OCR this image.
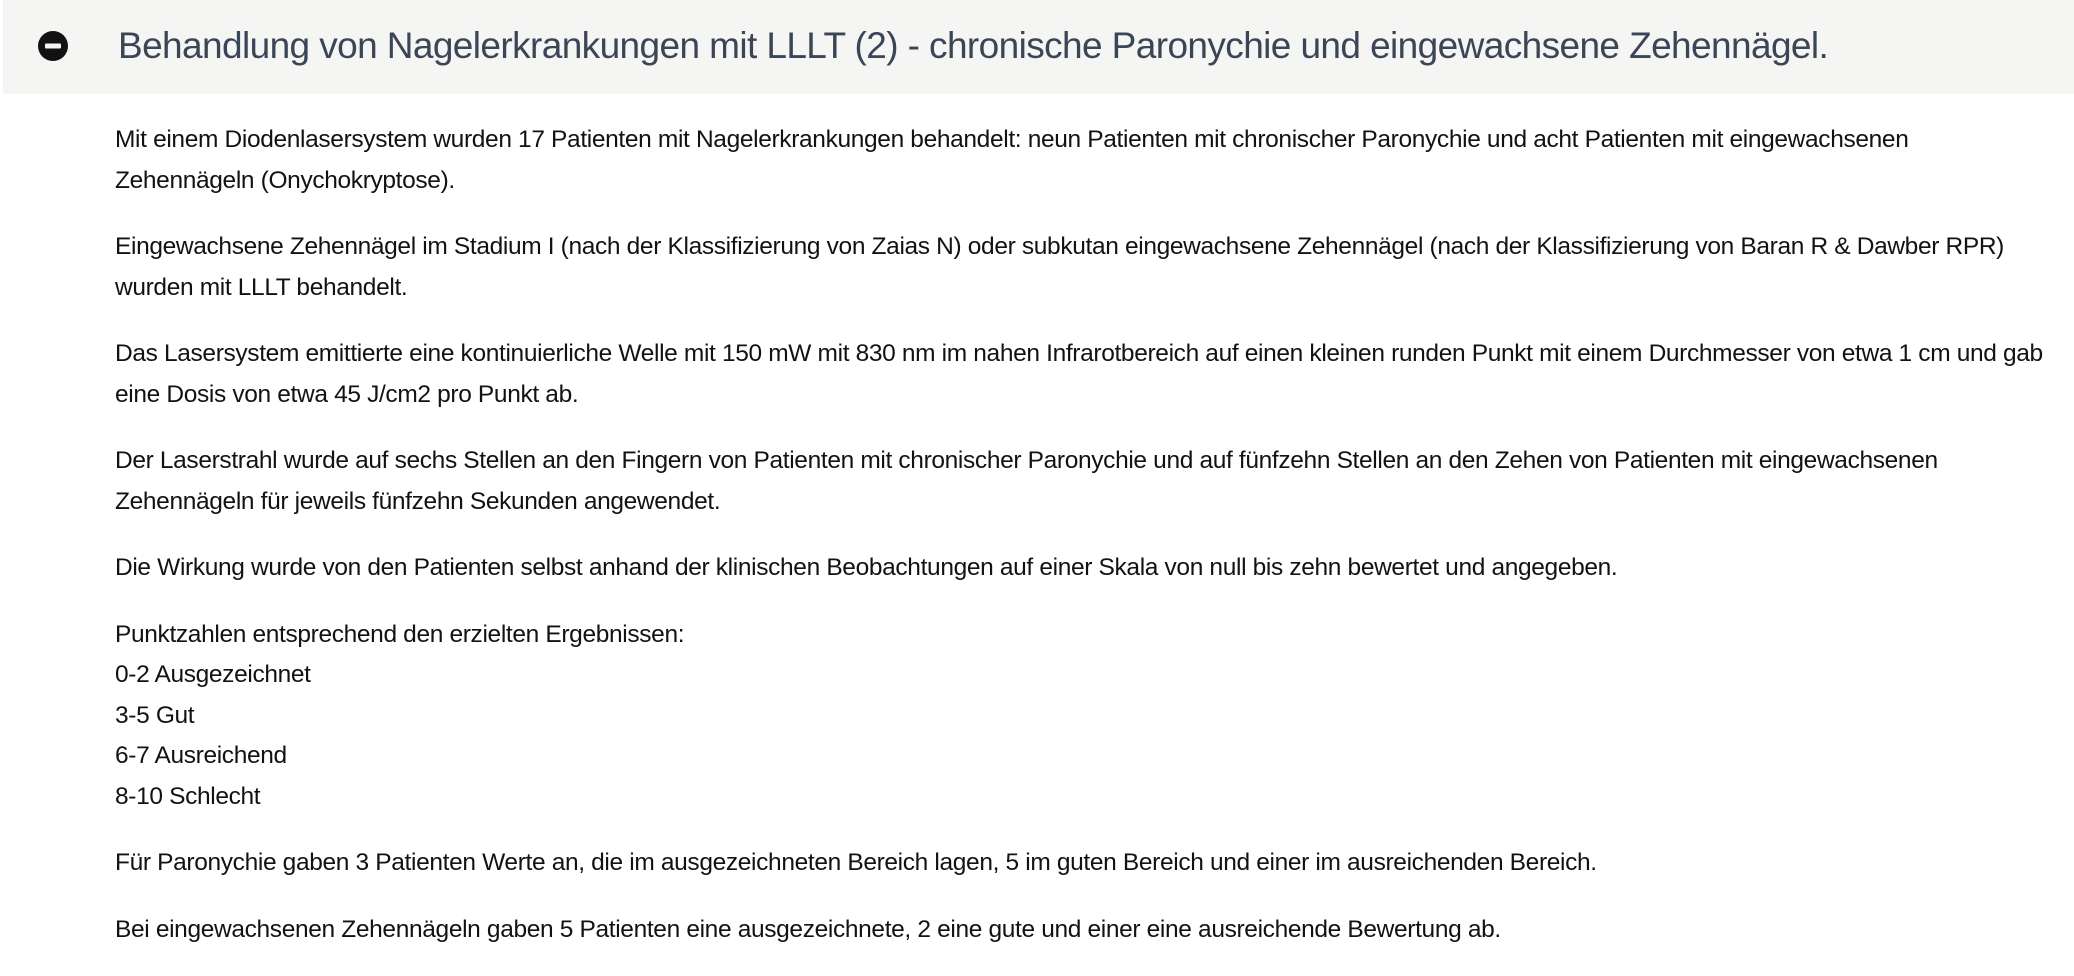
Behandlung von Nagelerkrankungen mit LLLT (2) - chronische Paronychie und eingewachsene Zehennägel.

Mit einem Diodenlasersystem wurden 17 Patienten mit Nagelerkrankungen behandelt: neun Patienten mit chronischer Paronychie und acht Patienten mit eingewachsenen Zehennägeln (Onychokryptose).

Eingewachsene Zehennägel im Stadium I (nach der Klassifizierung von Zaias N) oder subkutan eingewachsene Zehennägel (nach der Klassifizierung von Baran R & Dawber RPR) wurden mit LLLT behandelt.

Das Lasersystem emittierte eine kontinuierliche Welle mit 150 mW mit 830 nm im nahen Infrarotbereich auf einen kleinen runden Punkt mit einem Durchmesser von etwa 1 cm und gab eine Dosis von etwa 45 J/cm2 pro Punkt ab.

Der Laserstrahl wurde auf sechs Stellen an den Fingern von Patienten mit chronischer Paronychie und auf fünfzehn Stellen an den Zehen von Patienten mit eingewachsenen Zehennägeln für jeweils fünfzehn Sekunden angewendet.

Die Wirkung wurde von den Patienten selbst anhand der klinischen Beobachtungen auf einer Skala von null bis zehn bewertet und angegeben.

Punktzahlen entsprechend den erzielten Ergebnissen:
0-2 Ausgezeichnet
3-5 Gut
6-7 Ausreichend
8-10 Schlecht

Für Paronychie gaben 3 Patienten Werte an, die im ausgezeichneten Bereich lagen, 5 im guten Bereich und einer im ausreichenden Bereich.

Bei eingewachsenen Zehennägeln gaben 5 Patienten eine ausgezeichnete, 2 eine gute und einer eine ausreichende Bewertung ab.
